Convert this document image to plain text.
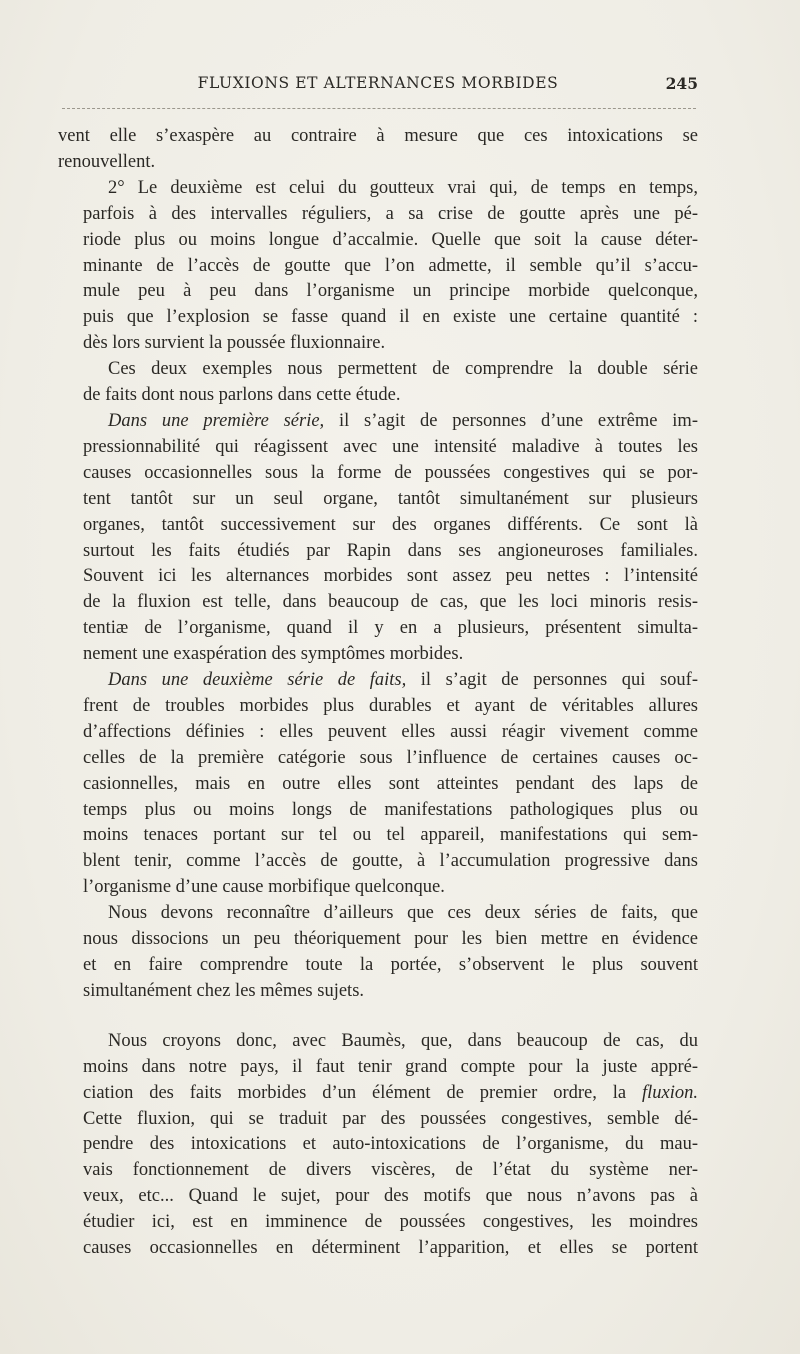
FLUXIONS ET ALTERNANCES MORBIDES	245

vent elle s’exaspère au contraire à mesure que ces intoxications se
renouvellent.

2° Le deuxième est celui du goutteux vrai qui, de temps en temps,
parfois à des intervalles réguliers, a sa crise de goutte après une pé-
riode plus ou moins longue d’accalmie. Quelle que soit la cause déter-
minante de l’accès de goutte que l’on admette, il semble qu’il s’accu-
mule peu à peu dans l’organisme un principe morbide quelconque,
puis que l’explosion se fasse quand il en existe une certaine quantité :
dès lors survient la poussée fluxionnaire.

Ces deux exemples nous permettent de comprendre la double série
de faits dont nous parlons dans cette étude.

Dans une première série, il s’agit de personnes d’une extrême im-
pressionnabilité qui réagissent avec une intensité maladive à toutes les
causes occasionnelles sous la forme de poussées congestives qui se por-
tent tantôt sur un seul organe, tantôt simultanément sur plusieurs
organes, tantôt successivement sur des organes différents. Ce sont là
surtout les faits étudiés par Rapin dans ses angioneuroses familiales.
Souvent ici les alternances morbides sont assez peu nettes : l’intensité
de la fluxion est telle, dans beaucoup de cas, que les loci minoris resis-
tentiæ de l’organisme, quand il y en a plusieurs, présentent simulta-
nement une exaspération des symptômes morbides.

Dans une deuxième série de faits, il s’agit de personnes qui souf-
frent de troubles morbides plus durables et ayant de véritables allures
d’affections définies : elles peuvent elles aussi réagir vivement comme
celles de la première catégorie sous l’influence de certaines causes oc-
casionnelles, mais en outre elles sont atteintes pendant des laps de
temps plus ou moins longs de manifestations pathologiques plus ou
moins tenaces portant sur tel ou tel appareil, manifestations qui sem-
blent tenir, comme l’accès de goutte, à l’accumulation progressive dans
l’organisme d’une cause morbifique quelconque.

Nous devons reconnaître d’ailleurs que ces deux séries de faits, que
nous dissocions un peu théoriquement pour les bien mettre en évidence
et en faire comprendre toute la portée, s’observent le plus souvent
simultanément chez les mêmes sujets.

Nous croyons donc, avec Baumès, que, dans beaucoup de cas, du
moins dans notre pays, il faut tenir grand compte pour la juste appré-
ciation des faits morbides d’un élément de premier ordre, la fluxion.
Cette fluxion, qui se traduit par des poussées congestives, semble dé-
pendre des intoxications et auto-intoxications de l’organisme, du mau-
vais fonctionnement de divers viscères, de l’état du système ner-
veux, etc... Quand le sujet, pour des motifs que nous n’avons pas à
étudier ici, est en imminence de poussées congestives, les moindres
causes occasionnelles en déterminent l’apparition, et elles se portent
